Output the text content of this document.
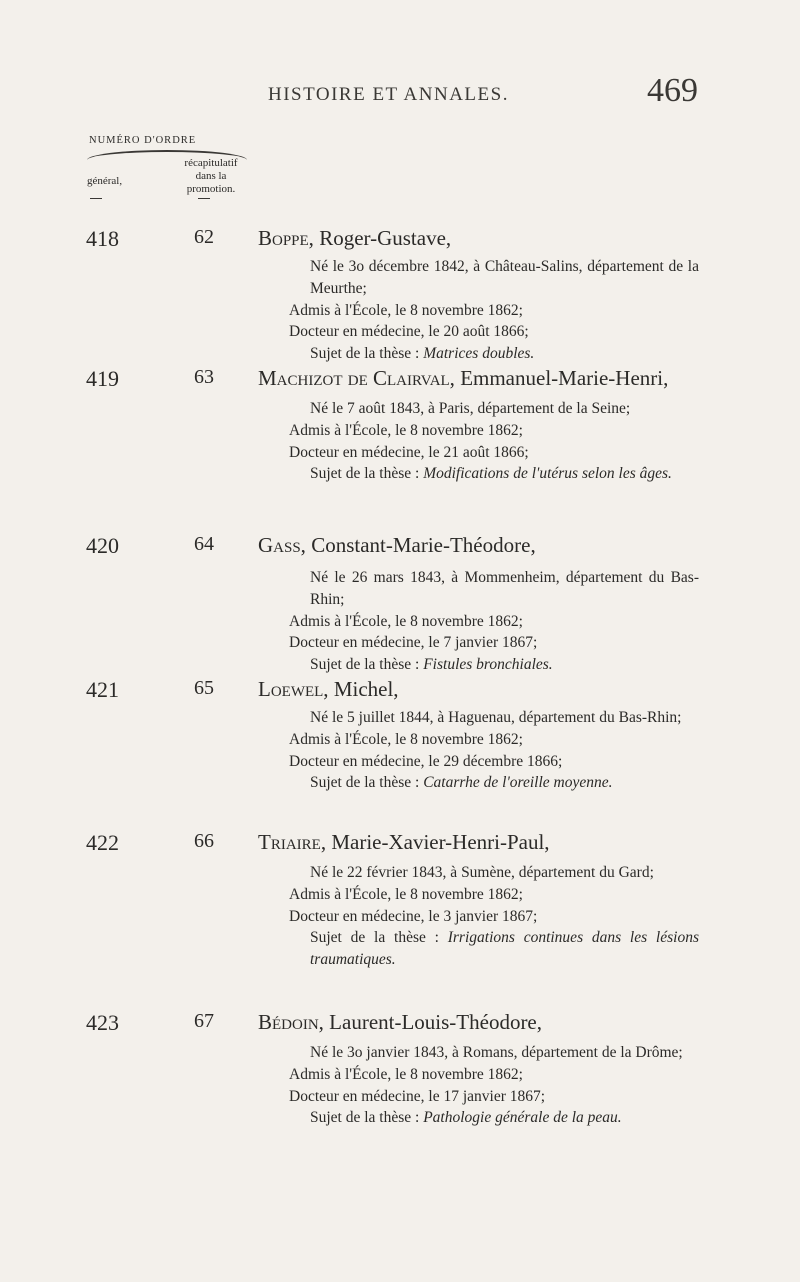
HISTOIRE ET ANNALES.	469
NUMÉRO D'ORDRE
général,
récapitulatif
dans la
promotion.
418	62 Boppe, Roger-Gustave,
Né le 3o décembre 1842, à Château-Salins, département de la Meurthe;
Admis à l'École, le 8 novembre 1862;
Docteur en médecine, le 20 août 1866;
Sujet de la thèse : Matrices doubles.
419	63 Machizot de Clairval, Emmanuel-Marie-Henri,
Né le 7 août 1843, à Paris, département de la Seine;
Admis à l'École, le 8 novembre 1862;
Docteur en médecine, le 21 août 1866;
Sujet de la thèse : Modifications de l'utérus selon les âges.
420	64 Gass, Constant-Marie-Théodore,
Né le 26 mars 1843, à Mommenheim, département du Bas-Rhin;
Admis à l'École, le 8 novembre 1862;
Docteur en médecine, le 7 janvier 1867;
Sujet de la thèse : Fistules bronchiales.
421	65 Loewel, Michel,
Né le 5 juillet 1844, à Haguenau, département du Bas-Rhin;
Admis à l'École, le 8 novembre 1862;
Docteur en médecine, le 29 décembre 1866;
Sujet de la thèse : Catarrhe de l'oreille moyenne.
422	66 Triaire, Marie-Xavier-Henri-Paul,
Né le 22 février 1843, à Sumène, département du Gard;
Admis à l'École, le 8 novembre 1862;
Docteur en médecine, le 3 janvier 1867;
Sujet de la thèse : Irrigations continues dans les lésions traumatiques.
423	67 Bédoin, Laurent-Louis-Théodore,
Né le 3o janvier 1843, à Romans, département de la Drôme;
Admis à l'École, le 8 novembre 1862;
Docteur en médecine, le 17 janvier 1867;
Sujet de la thèse : Pathologie générale de la peau.
